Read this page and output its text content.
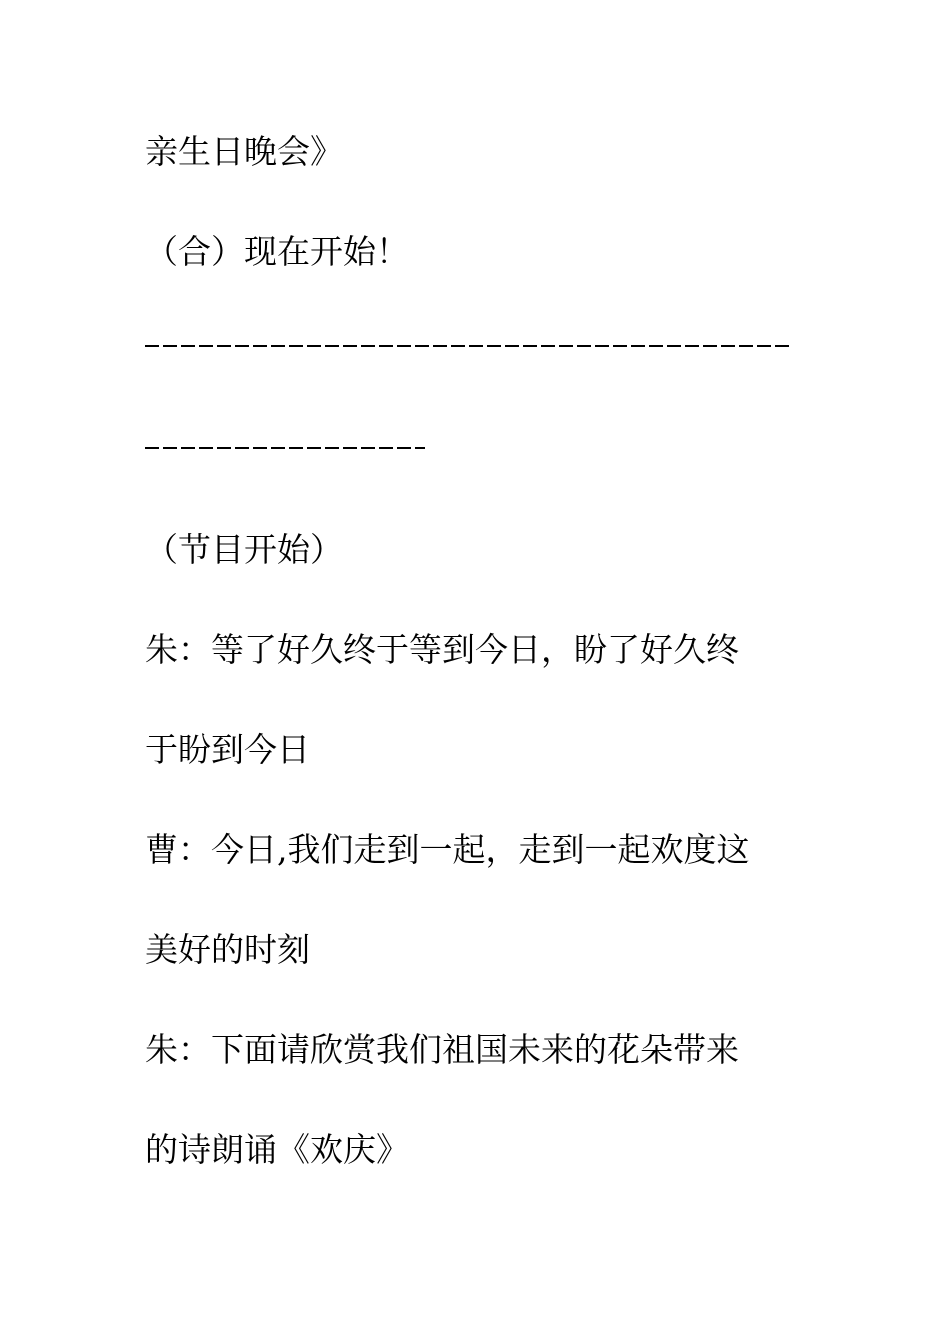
亲生日晚会》
（合）现在开始！
（节目开始）
朱：等了好久终于等到今日，盼了好久终
于盼到今日
曹：今日,我们走到一起，走到一起欢度这
美好的时刻
朱：下面请欣赏我们祖国未来的花朵带来
的诗朗诵《欢庆》
